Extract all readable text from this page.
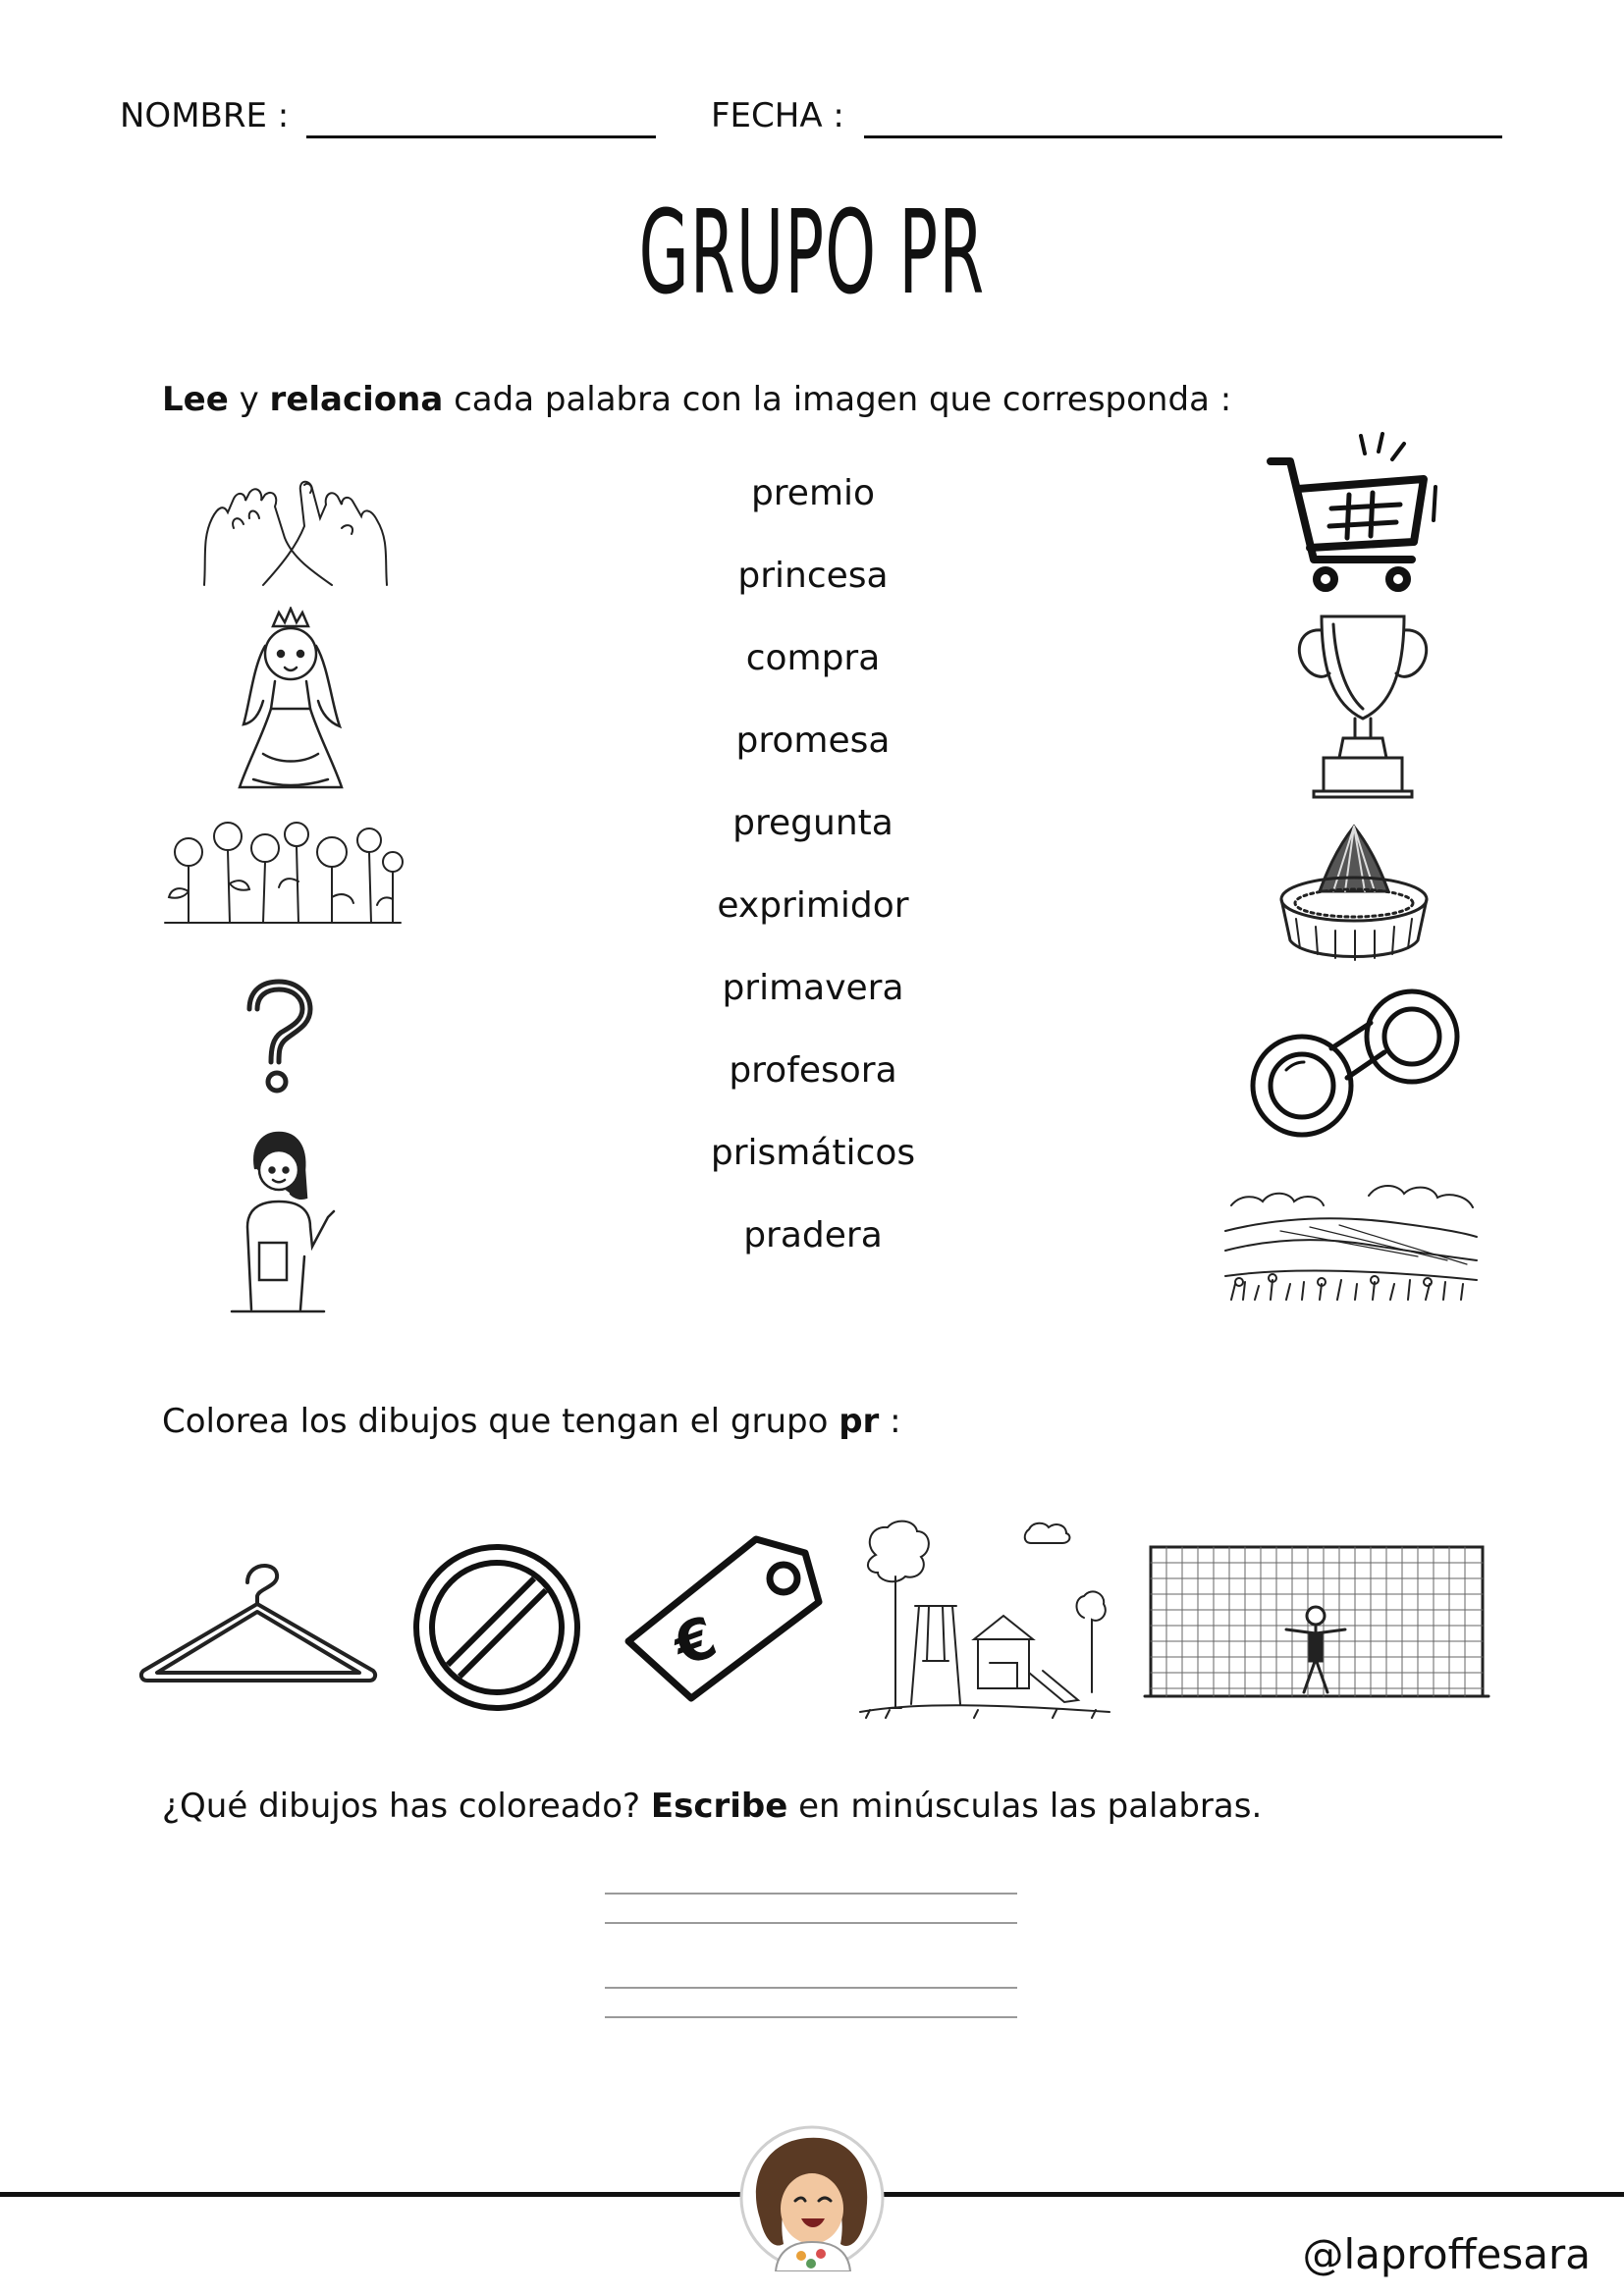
NOMBRE :	FECHA :
GRUPO PR
Lee y relaciona cada palabra con la imagen que corresponda :
premio
princesa
compra
promesa
pregunta
exprimidor
primavera
profesora
prismáticos
pradera
Colorea los dibujos que tengan el grupo pr :
€
¿Qué dibujos has coloreado? Escribe en minúsculas las palabras.
@laproffesara
